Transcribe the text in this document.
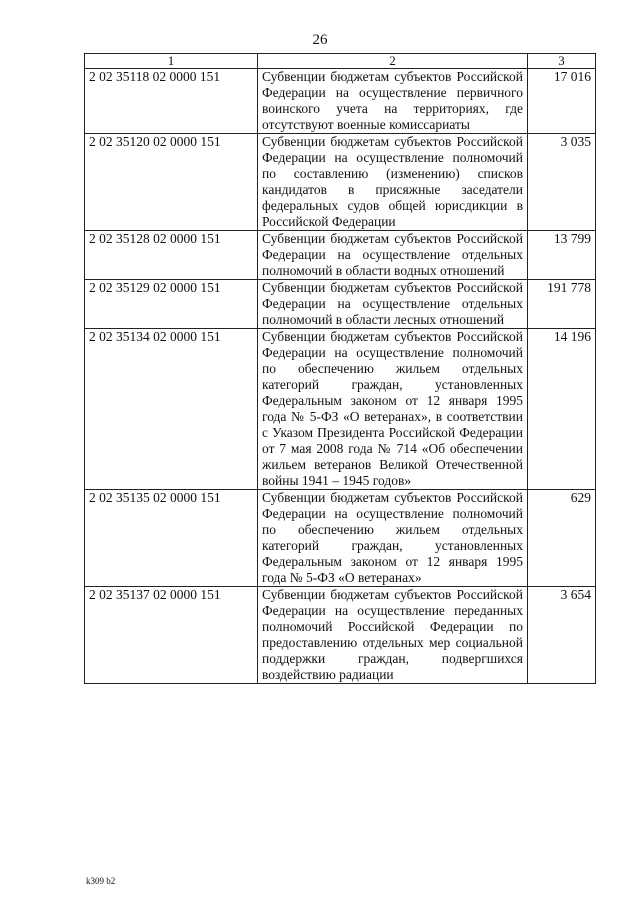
26
1	2	3
2 02 35118 02 0000 151	Субвенции бюджетам субъектов Российской Федерации на осуществление первичного воинского учета на территориях, где отсутствуют военные комиссариаты	17 016
2 02 35120 02 0000 151	Субвенции бюджетам субъектов Российской Федерации на осуществление полномочий по составлению (изменению) списков кандидатов в присяжные заседатели федеральных судов общей юрисдикции в Российской Федерации	3 035
2 02 35128 02 0000 151	Субвенции бюджетам субъектов Российской Федерации на осуществление отдельных полномочий в области водных отношений	13 799
2 02 35129 02 0000 151	Субвенции бюджетам субъектов Российской Федерации на осуществление отдельных полномочий в области лесных отношений	191 778
2 02 35134 02 0000 151	Субвенции бюджетам субъектов Российской Федерации на осуществление полномочий по обеспечению жильем отдельных категорий граждан, установленных Федеральным законом от 12 января 1995 года № 5-ФЗ «О ветеранах», в соответствии с Указом Президента Российской Федерации от 7 мая 2008 года № 714 «Об обеспечении жильем ветеранов Великой Отечественной войны 1941 – 1945 годов»	14 196
2 02 35135 02 0000 151	Субвенции бюджетам субъектов Российской Федерации на осуществление полномочий по обеспечению жильем отдельных категорий граждан, установленных Федеральным законом от 12 января 1995 года № 5-ФЗ «О ветеранах»	629
2 02 35137 02 0000 151	Субвенции бюджетам субъектов Российской Федерации на осуществление переданных полномочий Российской Федерации по предоставлению отдельных мер социальной поддержки граждан, подвергшихся воздействию радиации	3 654
k309 b2
